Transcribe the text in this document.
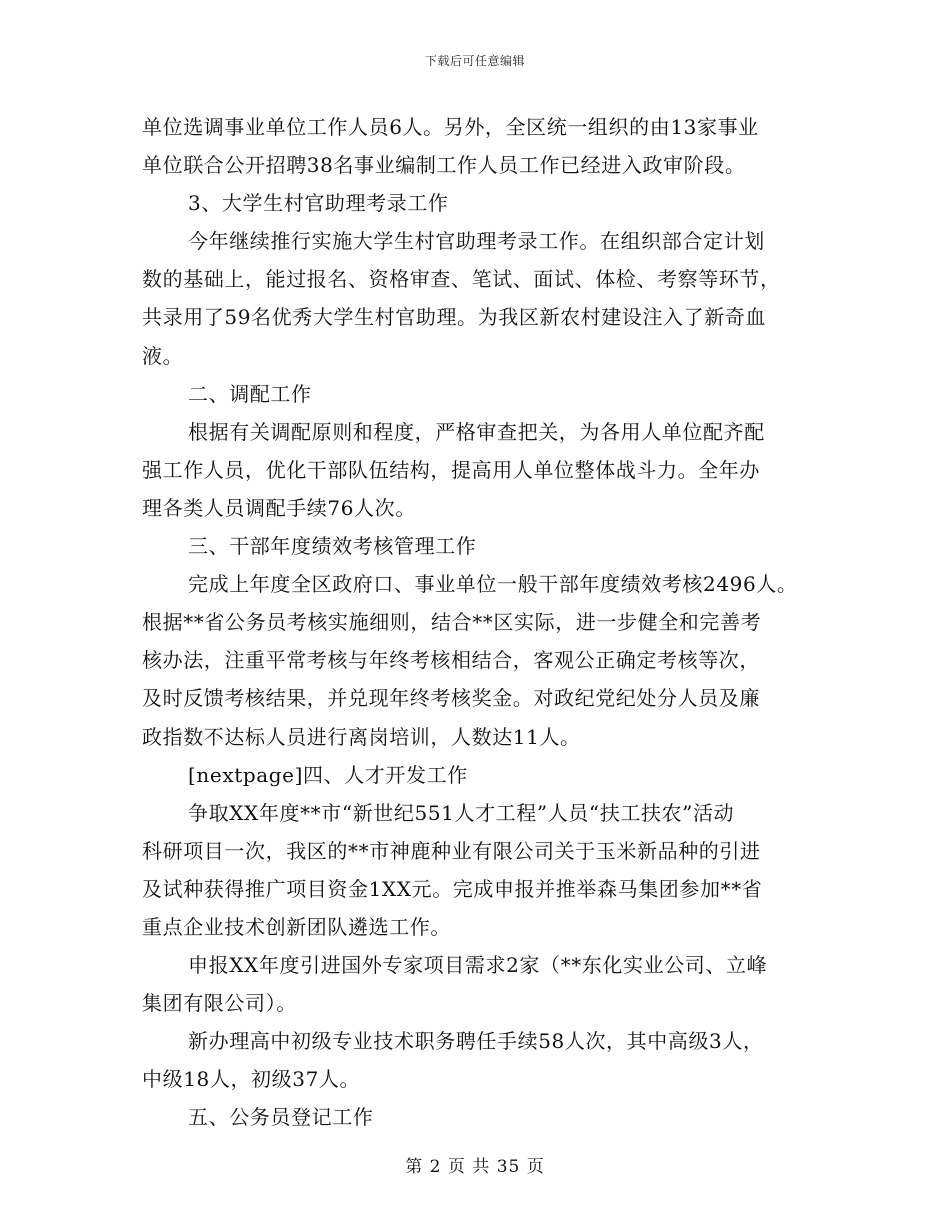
下载后可任意编辑
单位选调事业单位工作人员6人。另外，全区统一组织的由13家事业
单位联合公开招聘38名事业编制工作人员工作已经进入政审阶段。
3、大学生村官助理考录工作
今年继续推行实施大学生村官助理考录工作。在组织部合定计划
数的基础上，能过报名、资格审查、笔试、面试、体检、考察等环节，
共录用了59名优秀大学生村官助理。为我区新农村建设注入了新奇血
液。
二、调配工作
根据有关调配原则和程度，严格审查把关，为各用人单位配齐配
强工作人员，优化干部队伍结构，提高用人单位整体战斗力。全年办
理各类人员调配手续76人次。
三、干部年度绩效考核管理工作
完成上年度全区政府口、事业单位一般干部年度绩效考核2496人。
根据**省公务员考核实施细则，结合**区实际，进一步健全和完善考
核办法，注重平常考核与年终考核相结合，客观公正确定考核等次，
及时反馈考核结果，并兑现年终考核奖金。对政纪党纪处分人员及廉
政指数不达标人员进行离岗培训，人数达11人。
[nextpage]四、人才开发工作
争取XX年度**市“新世纪551人才工程”人员“扶工扶农”活动
科研项目一次，我区的**市神鹿种业有限公司关于玉米新品种的引进
及试种获得推广项目资金1XX元。完成申报并推举森马集团参加**省
重点企业技术创新团队遴选工作。
申报XX年度引进国外专家项目需求2家（**东化实业公司、立峰
集团有限公司）。
新办理高中初级专业技术职务聘任手续58人次，其中高级3人，
中级18人，初级37人。
五、公务员登记工作
第 2 页 共 35 页
